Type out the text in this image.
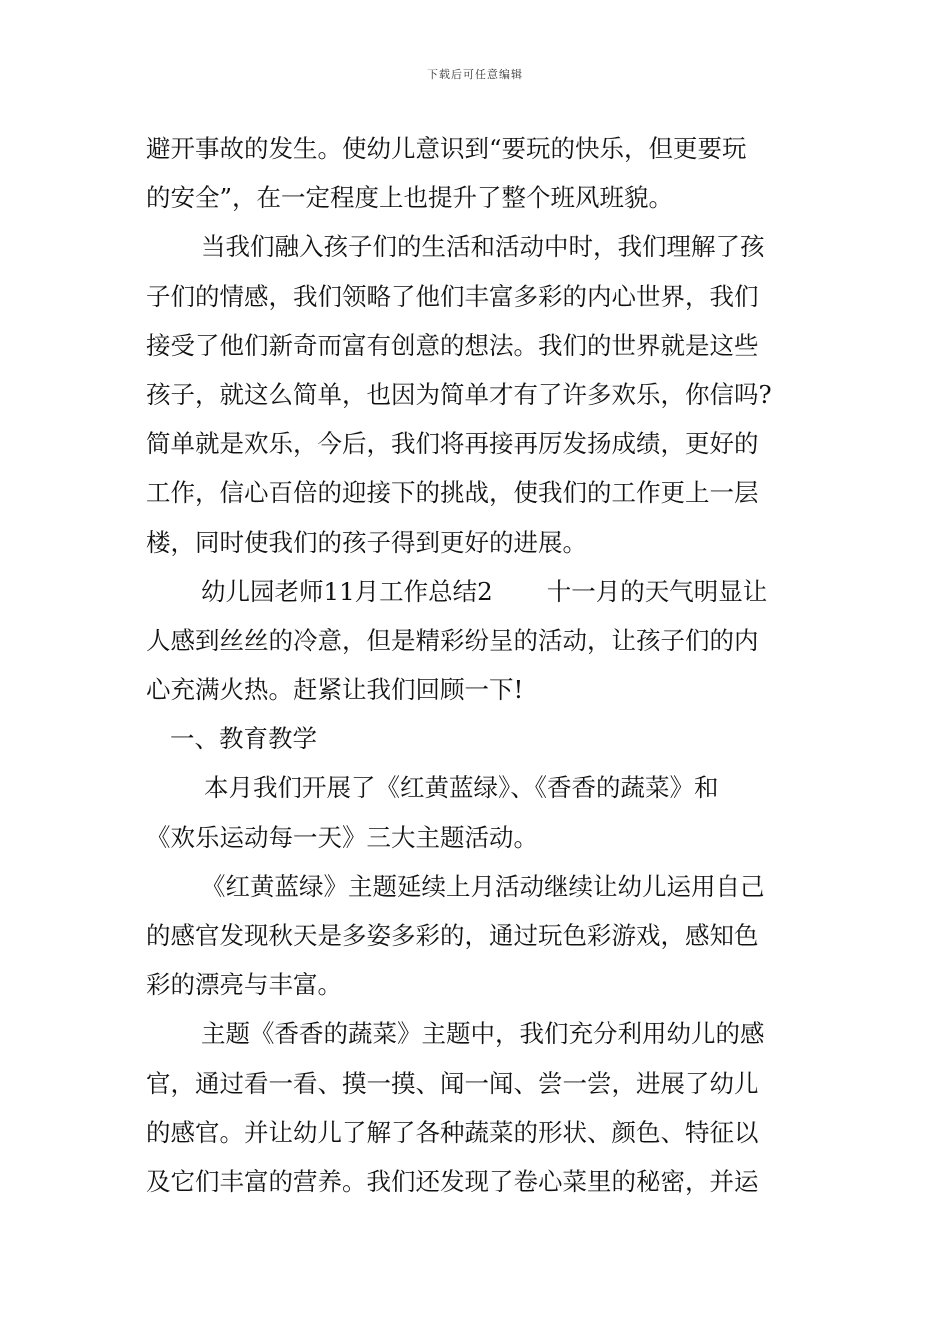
下载后可任意编辑
避开事故的发生。使幼儿意识到“要玩的快乐，但更要玩
的安全”，在一定程度上也提升了整个班风班貌。
当我们融入孩子们的生活和活动中时，我们理解了孩
子们的情感，我们领略了他们丰富多彩的内心世界，我们
接受了他们新奇而富有创意的想法。我们的世界就是这些
孩子，就这么简单，也因为简单才有了许多欢乐，你信吗?
简单就是欢乐，今后，我们将再接再厉发扬成绩，更好的
工作，信心百倍的迎接下的挑战，使我们的工作更上一层
楼，同时使我们的孩子得到更好的进展。
幼儿园老师11月工作总结2 十一月的天气明显让
人感到丝丝的冷意，但是精彩纷呈的活动，让孩子们的内
心充满火热。赶紧让我们回顾一下!
一、教育教学
本月我们开展了《红黄蓝绿》、《香香的蔬菜》和
《欢乐运动每一天》三大主题活动。
《红黄蓝绿》主题延续上月活动继续让幼儿运用自己
的感官发现秋天是多姿多彩的，通过玩色彩游戏，感知色
彩的漂亮与丰富。
主题《香香的蔬菜》主题中，我们充分利用幼儿的感
官，通过看一看、摸一摸、闻一闻、尝一尝，进展了幼儿
的感官。并让幼儿了解了各种蔬菜的形状、颜色、特征以
及它们丰富的营养。我们还发现了卷心菜里的秘密，并运
